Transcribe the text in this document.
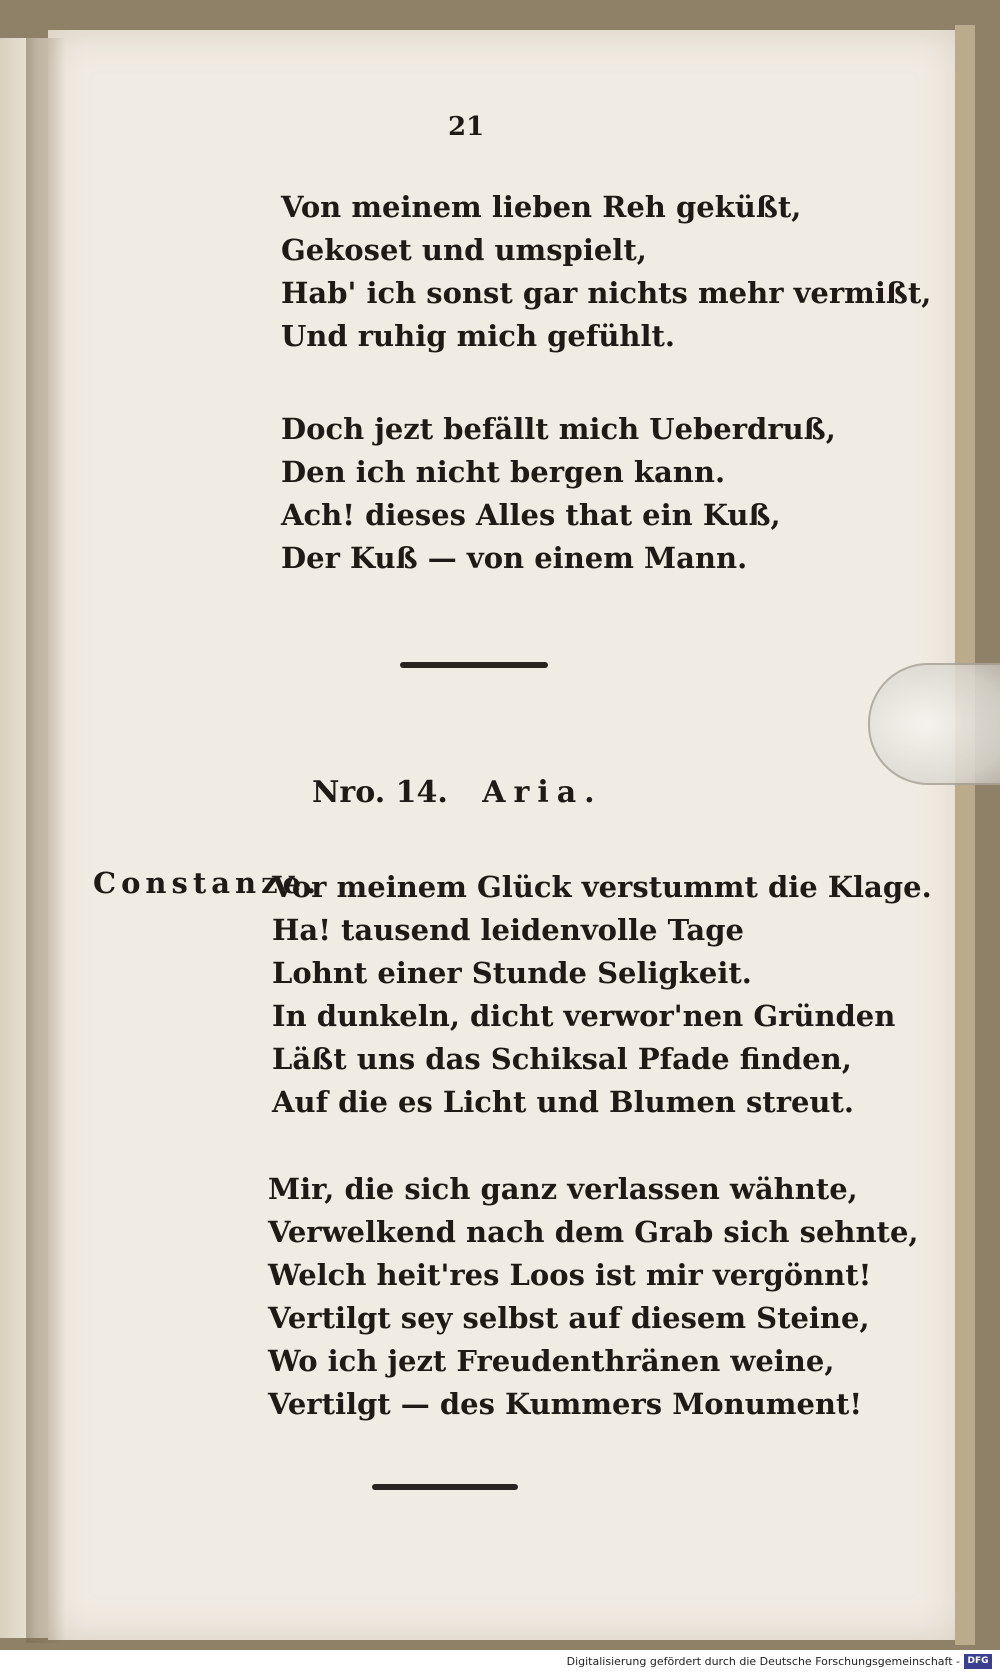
21
Von meinem lieben Reh geküßt,
Gekoset und umspielt,
Hab' ich sonst gar nichts mehr vermißt,
Und ruhig mich gefühlt.
Doch jezt befällt mich Ueberdruß,
Den ich nicht bergen kann.
Ach! dieses Alles that ein Kuß,
Der Kuß — von einem Mann.
Nro. 14. Aria.
Constanze.
Vor meinem Glück verstummt die Klage.
Ha! tausend leidenvolle Tage
Lohnt einer Stunde Seligkeit.
In dunkeln, dicht verwor'nen Gründen
Läßt uns das Schiksal Pfade finden,
Auf die es Licht und Blumen streut.
Mir, die sich ganz verlassen wähnte,
Verwelkend nach dem Grab sich sehnte,
Welch heit'res Loos ist mir vergönnt!
Vertilgt sey selbst auf diesem Steine,
Wo ich jezt Freudenthränen weine,
Vertilgt — des Kummers Monument!
Digitalisierung gefördert durch die Deutsche Forschungsgemeinschaft - DFG
